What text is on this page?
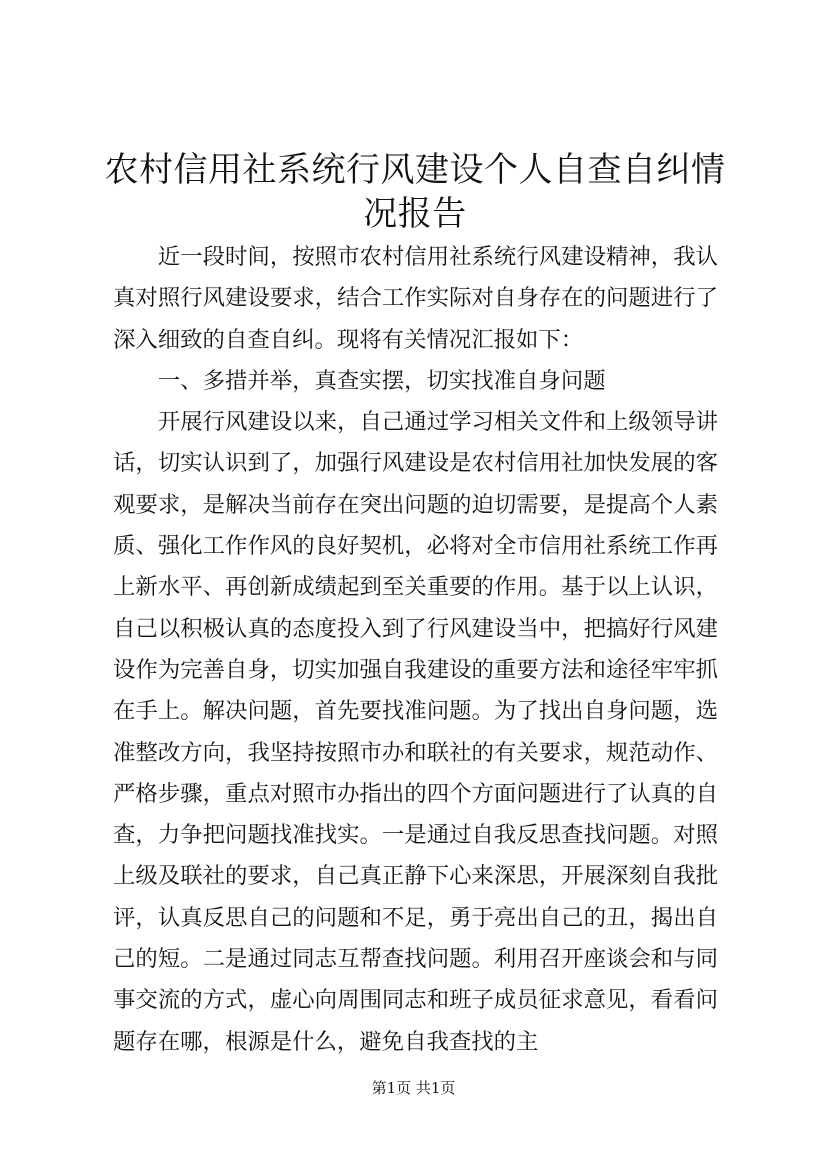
农村信用社系统行风建设个人自查自纠情况报告

近一段时间，按照市农村信用社系统行风建设精神，我认真对照行风建设要求，结合工作实际对自身存在的问题进行了深入细致的自查自纠。现将有关情况汇报如下：

一、多措并举，真查实摆，切实找准自身问题

开展行风建设以来，自己通过学习相关文件和上级领导讲话，切实认识到了，加强行风建设是农村信用社加快发展的客观要求，是解决当前存在突出问题的迫切需要，是提高个人素质、强化工作作风的良好契机，必将对全市信用社系统工作再上新水平、再创新成绩起到至关重要的作用。基于以上认识，自己以积极认真的态度投入到了行风建设当中，把搞好行风建设作为完善自身，切实加强自我建设的重要方法和途径牢牢抓在手上。解决问题，首先要找准问题。为了找出自身问题，选准整改方向，我坚持按照市办和联社的有关要求，规范动作、严格步骤，重点对照市办指出的四个方面问题进行了认真的自查，力争把问题找准找实。一是通过自我反思查找问题。对照上级及联社的要求，自己真正静下心来深思，开展深刻自我批评，认真反思自己的问题和不足，勇于亮出自己的丑，揭出自己的短。二是通过同志互帮查找问题。利用召开座谈会和与同事交流的方式，虚心向周围同志和班子成员征求意见，看看问题存在哪，根源是什么，避免自我查找的主

第1页 共1页
